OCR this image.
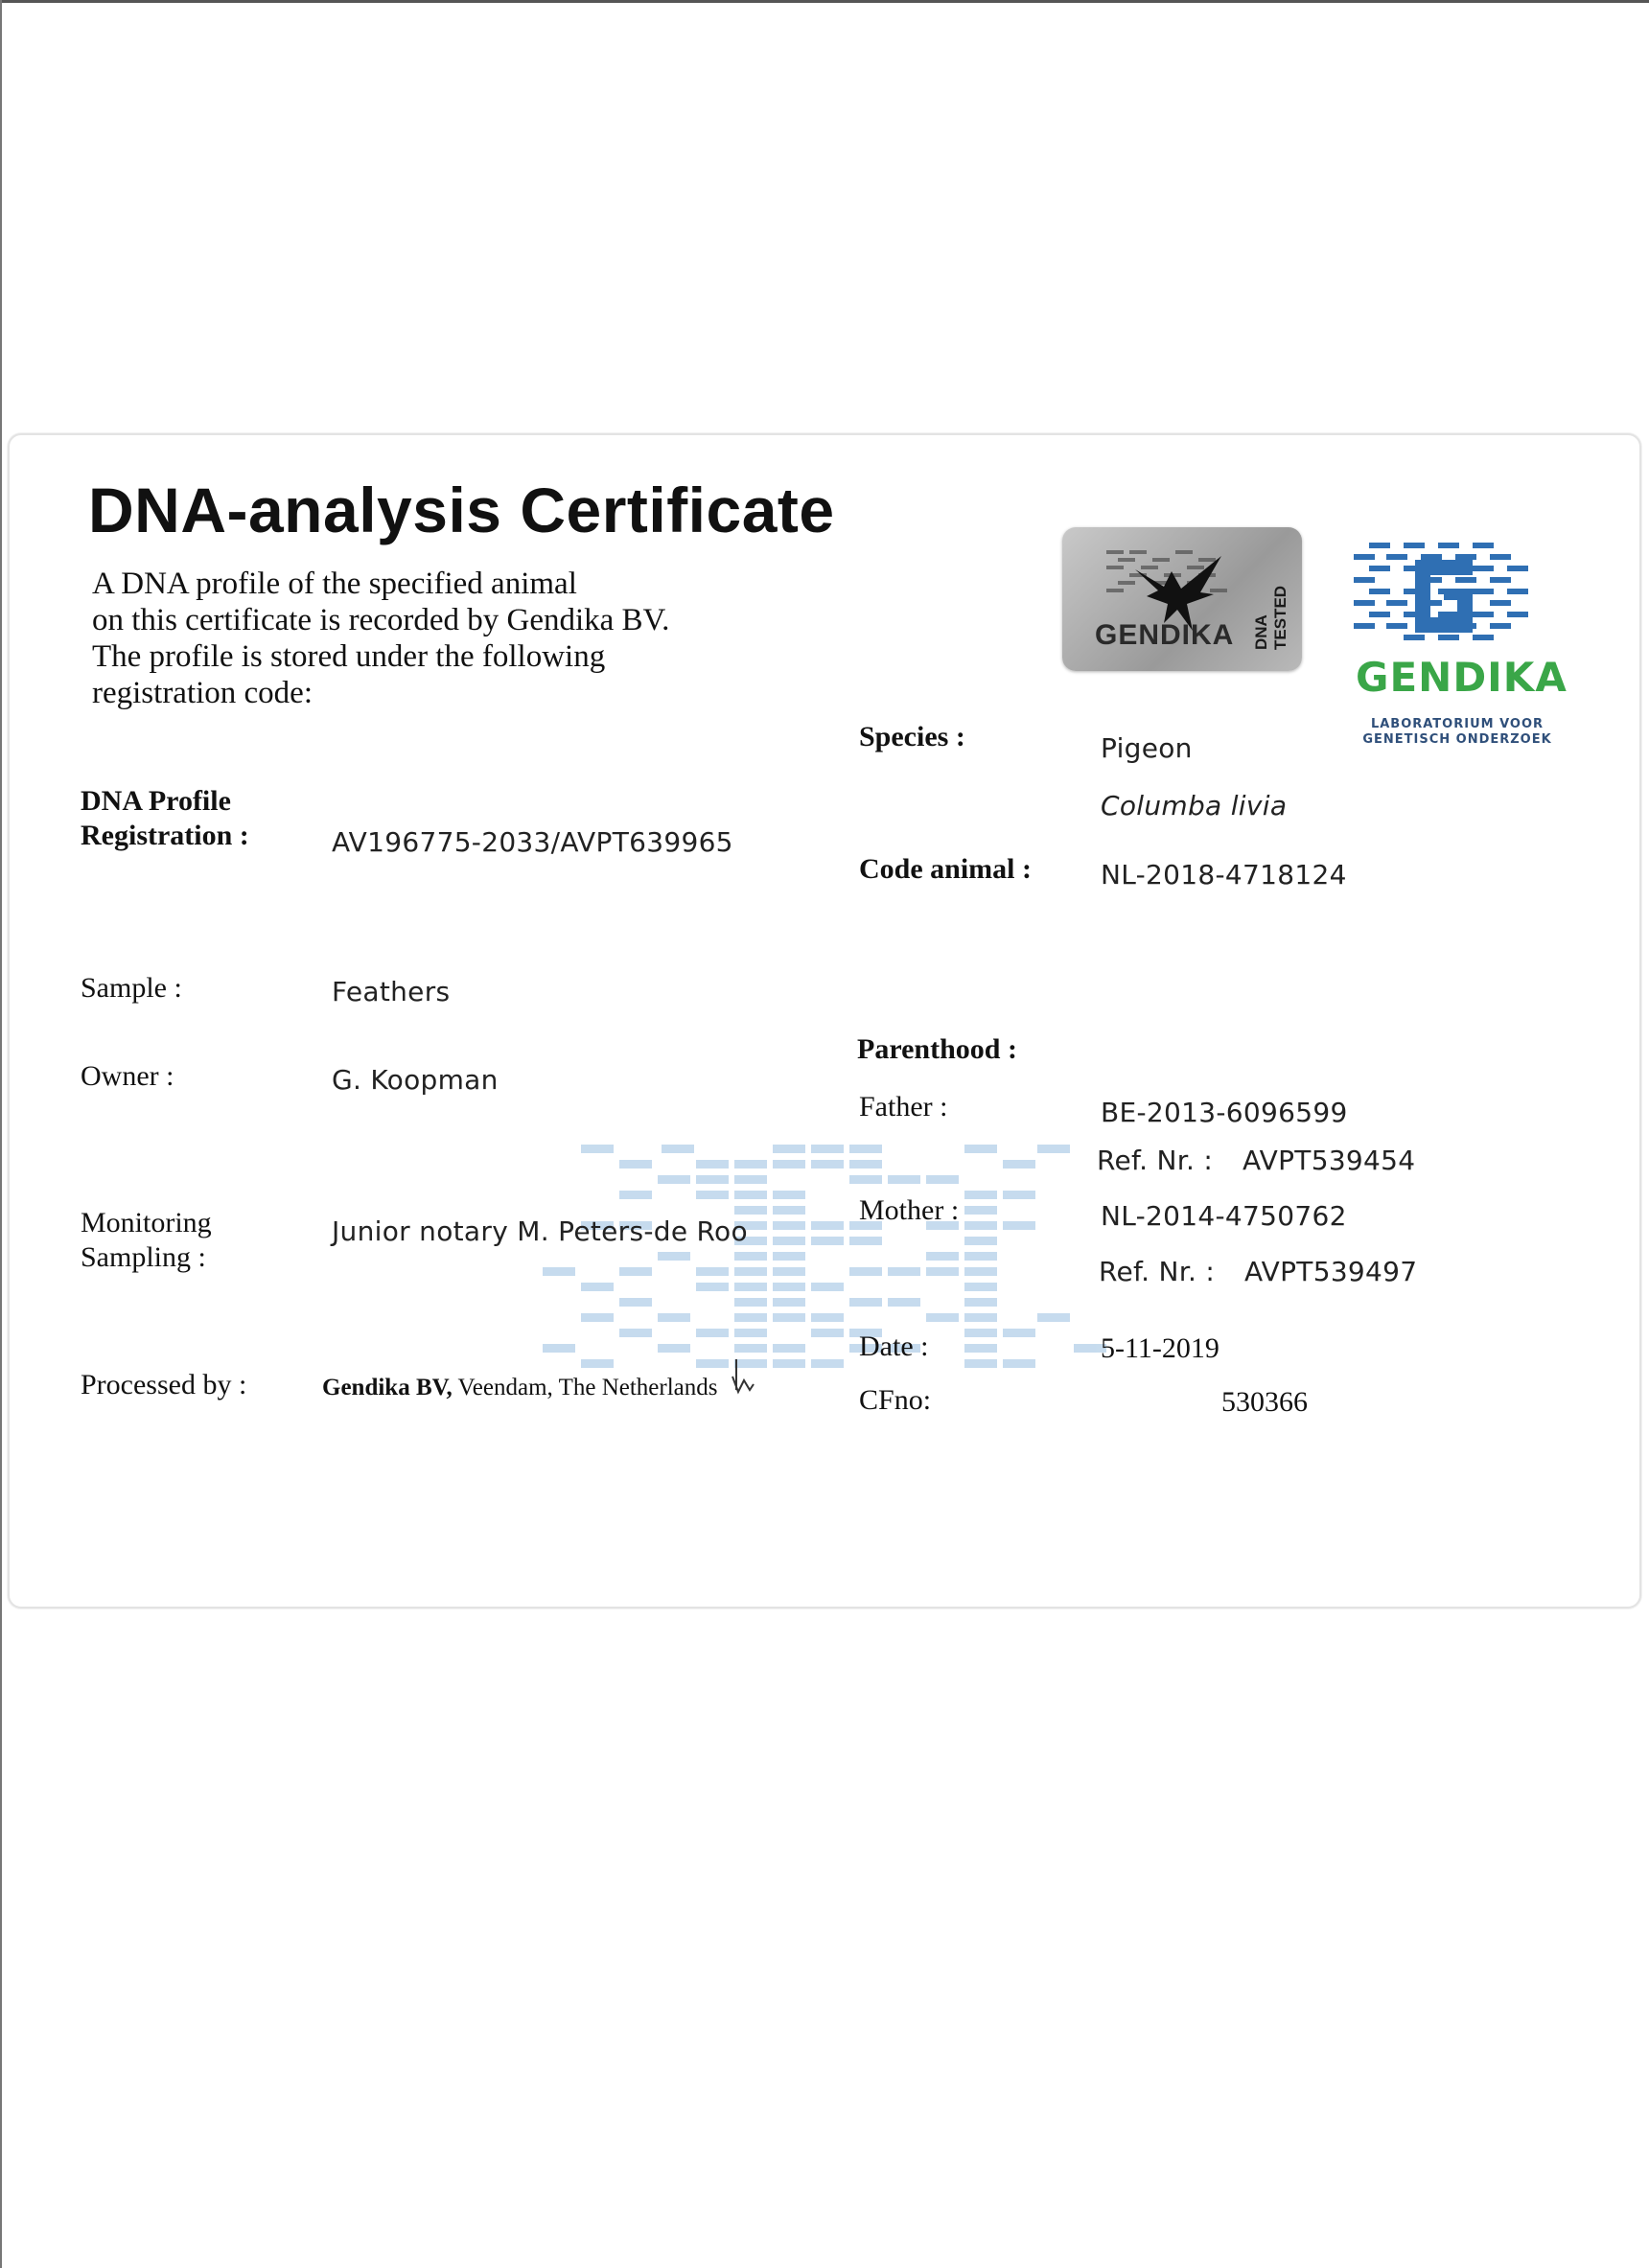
DNA-analysis Certificate
A DNA profile of the specified animal
on this certificate is recorded by Gendika BV.
The profile is stored under the following
registration code:
GENDIKA DNA TESTED
GENDIKA
LABORATORIUM VOOR
GENETISCH ONDERZOEK
DNA Profile
Registration :	AV196775-2033/AVPT639965
Sample :	Feathers
Owner :	G. Koopman
Monitoring
Sampling :
Junior notary M. Peters-de Roo
Processed by :	Gendika BV, Veendam, The Netherlands
Species :	Pigeon
Columba livia
Code animal :	NL-2018-4718124
Parenthood :
Father :	BE-2013-6096599
Ref. Nr. : AVPT539454
Mother :	NL-2014-4750762
Ref. Nr. : AVPT539497
Date :	5-11-2019
CFno:	530366
